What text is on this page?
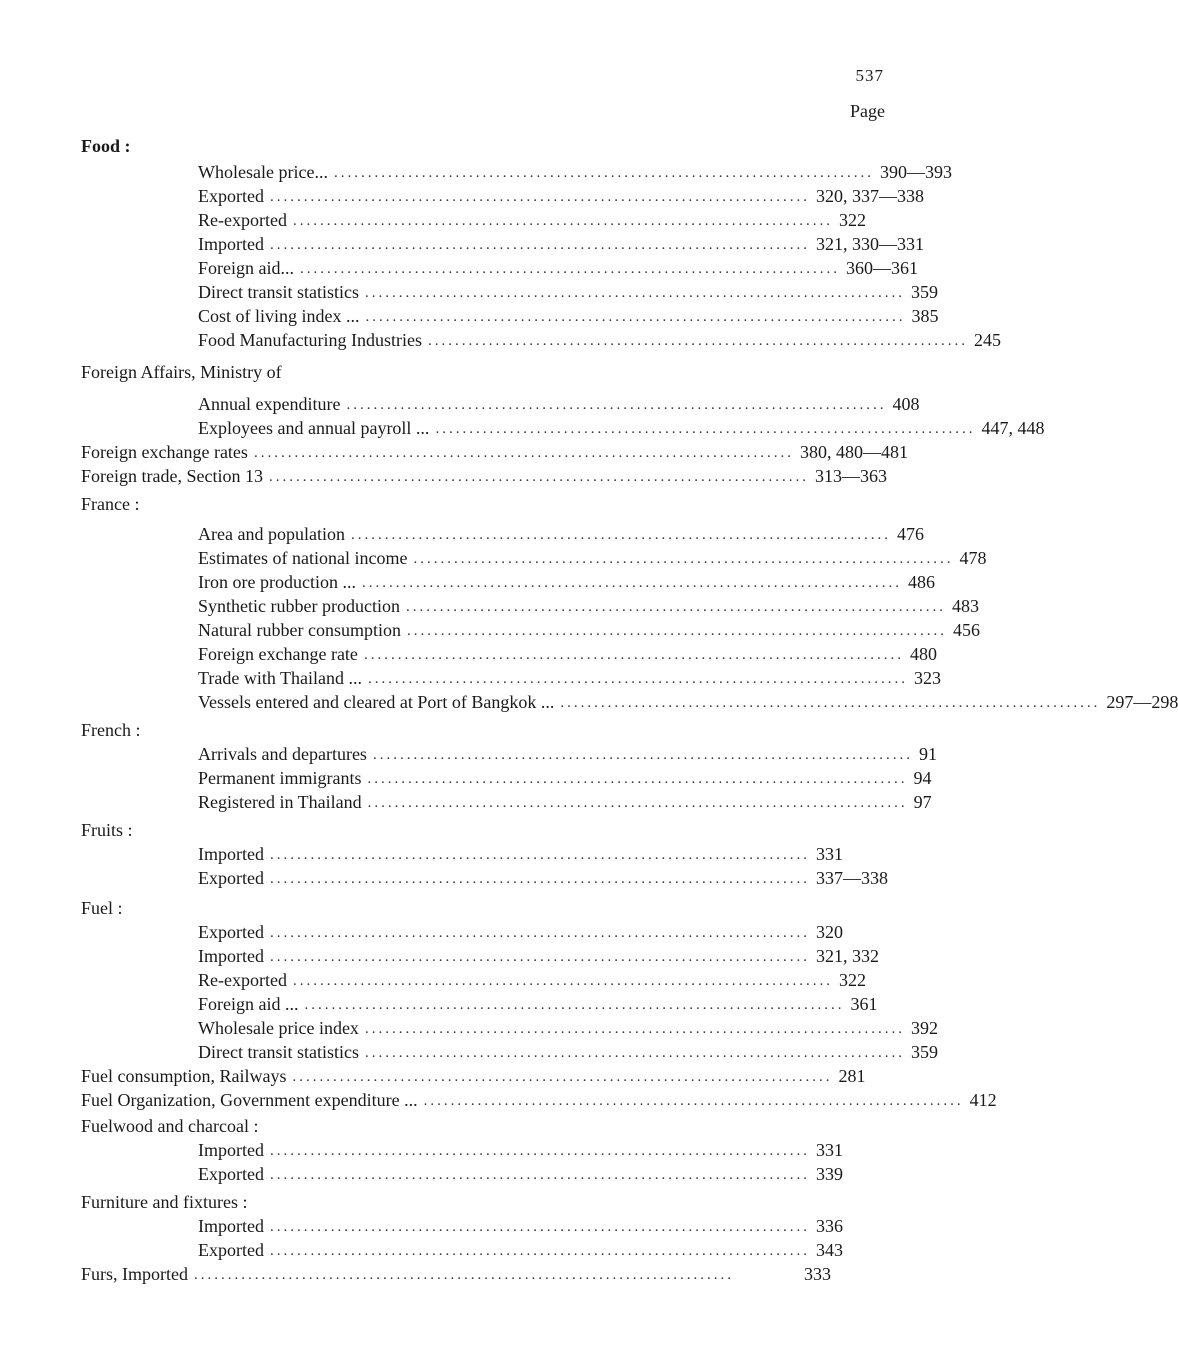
537
Page
Food :
Wholesale price... ................................................................................ 390—393
Exported ................................................................................ 320, 337—338
Re-exported ................................................................................ 322
Imported ................................................................................ 321, 330—331
Foreign aid... ................................................................................ 360—361
Direct transit statistics ................................................................................ 359
Cost of living index ... ................................................................................ 385
Food Manufacturing Industries ................................................................................ 245
Foreign Affairs, Ministry of
Annual expenditure ................................................................................ 408
Exployees and annual payroll ... ................................................................................ 447, 448
Foreign exchange rates ................................................................................ 380, 480—481
Foreign trade, Section 13 ................................................................................ 313—363
France :
Area and population ................................................................................ 476
Estimates of national income ................................................................................ 478
Iron ore production ... ................................................................................ 486
Synthetic rubber production ................................................................................ 483
Natural rubber consumption ................................................................................ 456
Foreign exchange rate ................................................................................ 480
Trade with Thailand ... ................................................................................ 323
Vessels entered and cleared at Port of Bangkok ... ................................................................................ 297—298
French :
Arrivals and departures ................................................................................ 91
Permanent immigrants ................................................................................ 94
Registered in Thailand ................................................................................ 97
Fruits :
Imported ................................................................................ 331
Exported ................................................................................ 337—338
Fuel :
Exported ................................................................................ 320
Imported ................................................................................ 321, 332
Re-exported ................................................................................ 322
Foreign aid ... ................................................................................ 361
Wholesale price index ................................................................................ 392
Direct transit statistics ................................................................................ 359
Fuel consumption, Railways ................................................................................ 281
Fuel Organization, Government expenditure ... ................................................................................ 412
Fuelwood and charcoal :
Imported ................................................................................ 331
Exported ................................................................................ 339
Furniture and fixtures :
Imported ................................................................................ 336
Exported ................................................................................ 343
Furs, Imported ................................................................................	333
